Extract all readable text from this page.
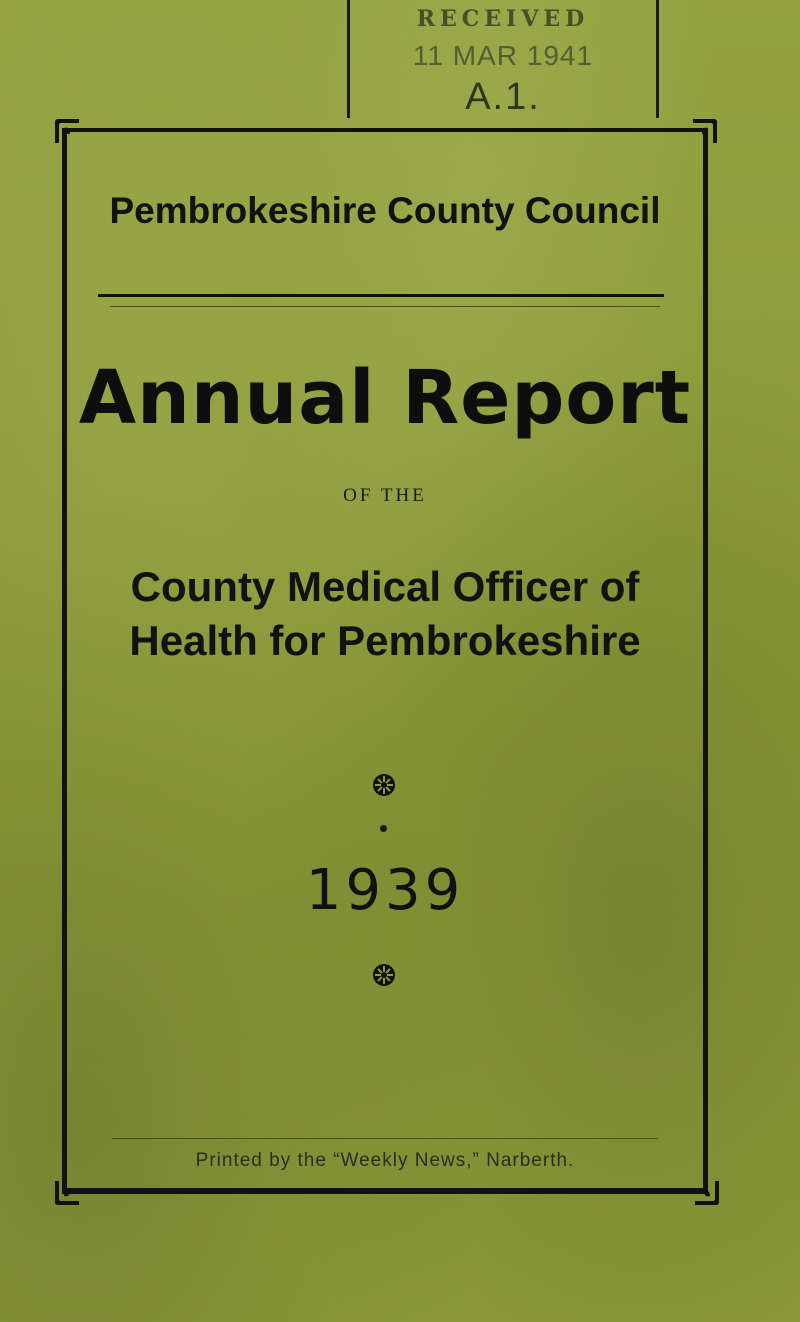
RECEIVED
11 MAR 1941
A.1.
Pembrokeshire County Council
Annual Report
OF THE
County Medical Officer of
Health for Pembrokeshire
1939
Printed by the “Weekly News,” Narberth.
